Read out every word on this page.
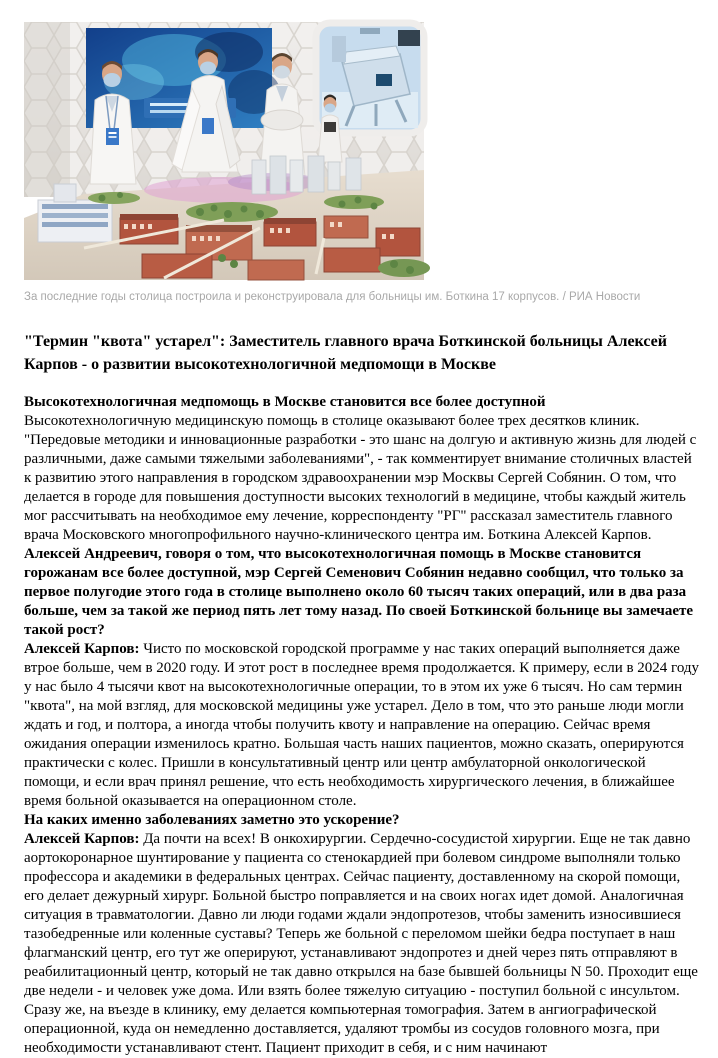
За последние годы столица построила и реконструировала для больницы им. Боткина 17 корпусов. / РИА Новости
"Термин "квота" устарел": Заместитель главного врача Боткинской больницы Алексей Карпов - о развитии высокотехнологичной медпомощи в Москве

Высокотехнологичная медпомощь в Москве становится все более доступной

Высокотехнологичную медицинскую помощь в столице оказывают более трех десятков клиник. "Передовые методики и инновационные разработки - это шанс на долгую и активную жизнь для людей с различными, даже самыми тяжелыми заболеваниями", - так комментирует внимание столичных властей к развитию этого направления в городском здравоохранении мэр Москвы Сергей Собянин. О том, что делается в городе для повышения доступности высоких технологий в медицине, чтобы каждый житель мог рассчитывать на необходимое ему лечение, корреспонденту "РГ" рассказал заместитель главного врача Московского многопрофильного научно-клинического центра им. Боткина Алексей Карпов.

Алексей Андреевич, говоря о том, что высокотехнологичная помощь в Москве становится горожанам все более доступной, мэр Сергей Семенович Собянин недавно сообщил, что только за первое полугодие этого года в столице выполнено около 60 тысяч таких операций, или в два раза больше, чем за такой же период пять лет тому назад. По своей Боткинской больнице вы замечаете такой рост?

Алексей Карпов: Чисто по московской городской программе у нас таких операций выполняется даже втрое больше, чем в 2020 году. И этот рост в последнее время продолжается. К примеру, если в 2024 году у нас было 4 тысячи квот на высокотехнологичные операции, то в этом их уже 6 тысяч. Но сам термин "квота", на мой взгляд, для московской медицины уже устарел. Дело в том, что это раньше люди могли ждать и год, и полтора, а иногда чтобы получить квоту и направление на операцию. Сейчас время ожидания операции изменилось кратно. Большая часть наших пациентов, можно сказать, оперируются практически с колес. Пришли в консультативный центр или центр амбулаторной онкологической помощи, и если врач принял решение, что есть необходимость хирургического лечения, в ближайшее время больной оказывается на операционном столе.

На каких именно заболеваниях заметно это ускорение?

Алексей Карпов: Да почти на всех! В онкохирургии. Сердечно-сосудистой хирургии. Еще не так давно аортокоронарное шунтирование у пациента со стенокардией при болевом синдроме выполняли только профессора и академики в федеральных центрах. Сейчас пациенту, доставленному на скорой помощи, его делает дежурный хирург. Больной быстро поправляется и на своих ногах идет домой. Аналогичная ситуация в травматологии. Давно ли люди годами ждали эндопротезов, чтобы заменить износившиеся тазобедренные или коленные суставы? Теперь же больной с переломом шейки бедра поступает в наш флагманский центр, его тут же оперируют, устанавливают эндопротез и дней через пять отправляют в реабилитационный центр, который не так давно открылся на базе бывшей больницы N 50. Проходит еще две недели - и человек уже дома. Или взять более тяжелую ситуацию - поступил больной с инсультом. Сразу же, на въезде в клинику, ему делается компьютерная томография. Затем в ангиографической операционной, куда он немедленно доставляется, удаляют тромбы из сосудов головного мозга, при необходимости устанавливают стент. Пациент приходит в себя, и с ним начинают
